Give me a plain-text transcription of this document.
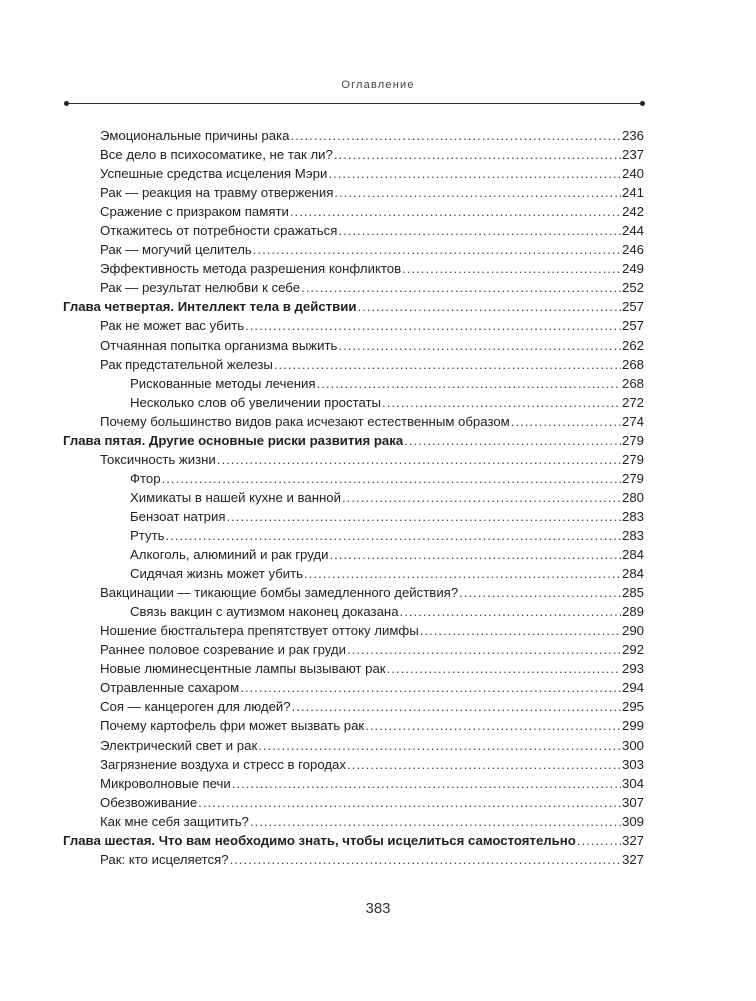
Оглавление
Эмоциональные причины рака .....	236
Все дело в психосоматике, не так ли? .....	237
Успешные средства исцеления Мэри .....	240
Рак — реакция на травму отвержения .....	241
Сражение с призраком памяти .....	242
Откажитесь от потребности сражаться .....	244
Рак — могучий целитель .....	246
Эффективность метода разрешения конфликтов .....	249
Рак — результат нелюбви к себе .....	252
Глава четвертая. Интеллект тела в действии .....	257
Рак не может вас убить .....	257
Отчаянная попытка организма выжить .....	262
Рак предстательной железы .....	268
Рискованные методы лечения .....	268
Несколько слов об увеличении простаты .....	272
Почему большинство видов рака исчезают естественным образом .....	274
Глава пятая. Другие основные риски развития рака .....	279
Токсичность жизни .....	279
Фтор .....	279
Химикаты в нашей кухне и ванной .....	280
Бензоат натрия .....	283
Ртуть .....	283
Алкоголь, алюминий и рак груди .....	284
Сидячая жизнь может убить .....	284
Вакцинации — тикающие бомбы замедленного действия? .....	285
Связь вакцин с аутизмом наконец доказана .....	289
Ношение бюстгальтера препятствует оттоку лимфы .....	290
Раннее половое созревание и рак груди .....	292
Новые люминесцентные лампы вызывают рак .....	293
Отравленные сахаром .....	294
Соя — канцероген для людей? .....	295
Почему картофель фри может вызвать рак .....	299
Электрический свет и рак .....	300
Загрязнение воздуха и стресс в городах .....	303
Микроволновые печи .....	304
Обезвоживание .....	307
Как мне себя защитить? .....	309
Глава шестая. Что вам необходимо знать, чтобы исцелиться самостоятельно .....	327
Рак: кто исцеляется? .....	327
383
